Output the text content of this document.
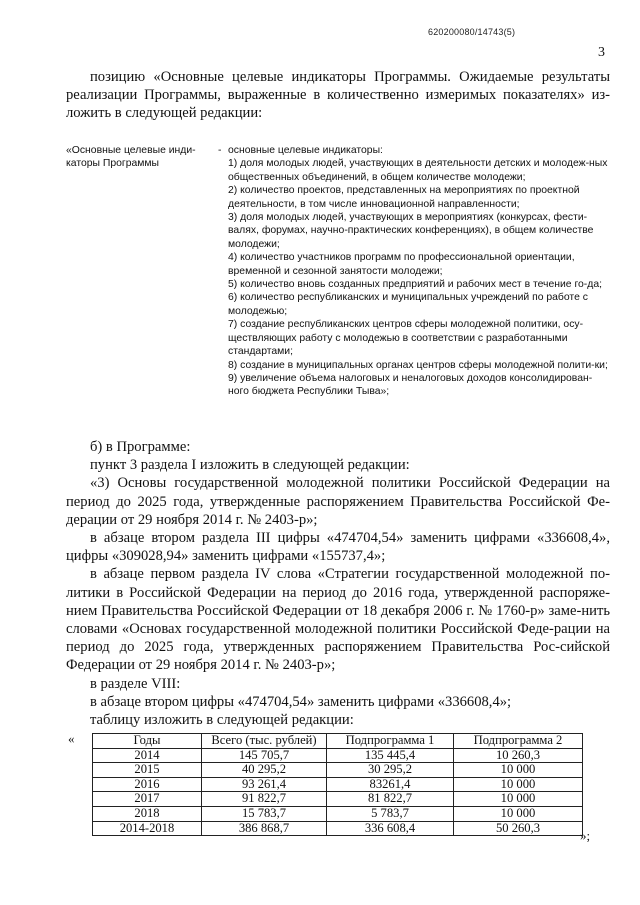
620200080/14743(5)
3

позицию «Основные целевые индикаторы Программы. Ожидаемые результаты реализации Программы, выраженные в количественно измеримых показателях» из-ложить в следующей редакции:

«Основные целевые инди-каторы Программы
- основные целевые индикаторы:

1) доля молодых людей, участвующих в деятельности детских и молодеж-ных общественных объединений, в общем количестве молодежи;

2) количество проектов, представленных на мероприятиях по проектной деятельности, в том числе инновационной направленности;

3) доля молодых людей, участвующих в мероприятиях (конкурсах, фести-валях, форумах, научно-практических конференциях), в общем количестве молодежи;

4) количество участников программ по профессиональной ориентации, временной и сезонной занятости молодежи;

5) количество вновь созданных предприятий и рабочих мест в течение го-да;

6) количество республиканских и муниципальных учреждений по работе с молодежью;

7) создание республиканских центров сферы молодежной политики, осу-ществляющих работу с молодежью в соответствии с разработанными стандартами;

8) создание в муниципальных органах центров сферы молодежной полити-ки;

9) увеличение объема налоговых и неналоговых доходов консолидирован-ного бюджета Республики Тыва»;

б) в Программе:

пункт 3 раздела I изложить в следующей редакции:

«3) Основы государственной молодежной политики Российской Федерации на период до 2025 года, утвержденные распоряжением Правительства Российской Фе-дерации от 29 ноября 2014 г. № 2403-р»;

в абзаце втором раздела III цифры «474704,54» заменить цифрами «336608,4», цифры «309028,94» заменить цифрами «155737,4»;

в абзаце первом раздела IV слова «Стратегии государственной молодежной по-литики в Российской Федерации на период до 2016 года, утвержденной распоряже-нием Правительства Российской Федерации от 18 декабря 2006 г. № 1760-р» заме-нить словами «Основах государственной молодежной политики Российской Феде-рации на период до 2025 года, утвержденных распоряжением Правительства Рос-сийской Федерации от 29 ноября 2014 г. № 2403-р»;

в разделе VIII:

в абзаце втором цифры «474704,54» заменить цифрами «336608,4»;

таблицу изложить в следующей редакции:

«	Годы	Всего (тыс. рублей)	Подпрограмма 1	Подпрограмма 2
2014	145 705,7	135 445,4	10 260,3
2015	40 295,2	30 295,2	10 000
2016	93 261,4	83261,4	10 000
2017	91 822,7	81 822,7	10 000
2018	15 783,7	5 783,7	10 000
2014-2018	386 868,7	336 608,4	50 260,3
»;
